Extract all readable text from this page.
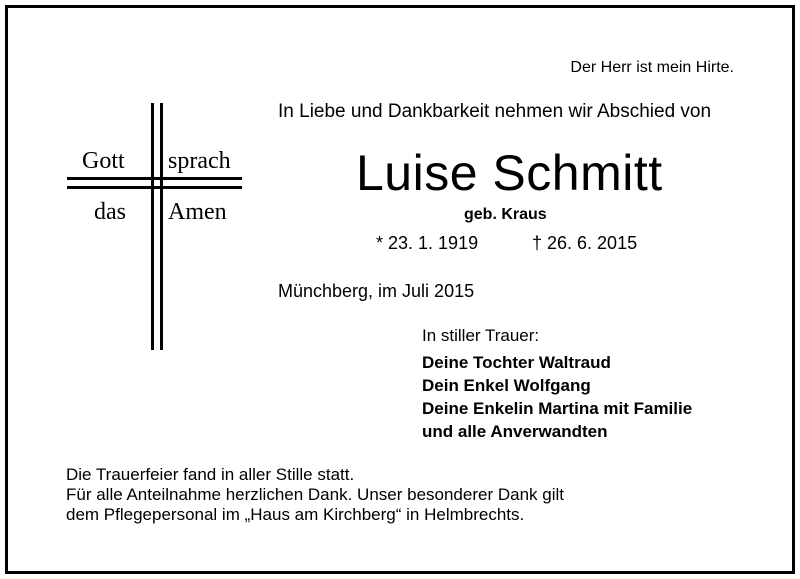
Gott sprach
das Amen
Der Herr ist mein Hirte.
In Liebe und Dankbarkeit nehmen wir Abschied von
Luise Schmitt
geb. Kraus
* 23. 1. 1919	† 26. 6. 2015
Münchberg, im Juli 2015
In stiller Trauer:
Deine Tochter Waltraud
Dein Enkel Wolfgang
Deine Enkelin Martina mit Familie
und alle Anverwandten
Die Trauerfeier fand in aller Stille statt.
Für alle Anteilnahme herzlichen Dank. Unser besonderer Dank gilt
dem Pflegepersonal im „Haus am Kirchberg“ in Helmbrechts.
